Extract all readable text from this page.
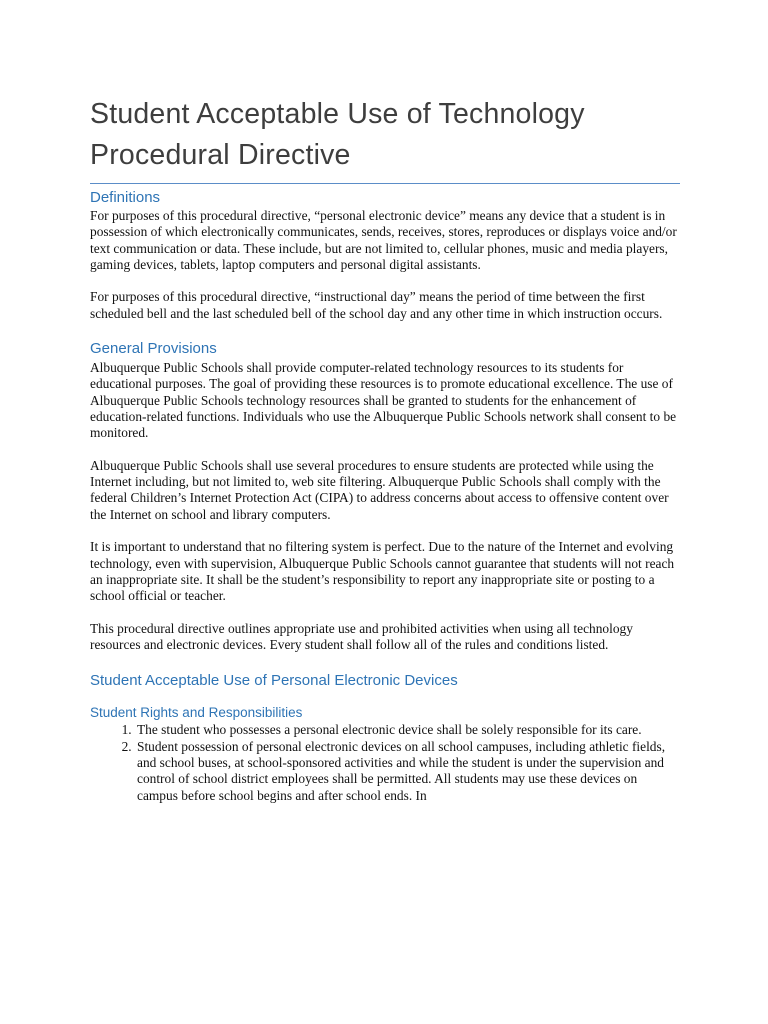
Student Acceptable Use of Technology
Procedural Directive
Definitions

For purposes of this procedural directive, “personal electronic device” means any device that a student is in possession of which electronically communicates, sends, receives, stores, reproduces or displays voice and/or text communication or data. These include, but are not limited to, cellular phones, music and media players, gaming devices, tablets, laptop computers and personal digital assistants.

For purposes of this procedural directive, “instructional day” means the period of time between the first scheduled bell and the last scheduled bell of the school day and any other time in which instruction occurs.

General Provisions

Albuquerque Public Schools shall provide computer-related technology resources to its students for educational purposes. The goal of providing these resources is to promote educational excellence. The use of Albuquerque Public Schools technology resources shall be granted to students for the enhancement of education-related functions. Individuals who use the Albuquerque Public Schools network shall consent to be monitored.

Albuquerque Public Schools shall use several procedures to ensure students are protected while using the Internet including, but not limited to, web site filtering. Albuquerque Public Schools shall comply with the federal Children’s Internet Protection Act (CIPA) to address concerns about access to offensive content over the Internet on school and library computers.

It is important to understand that no filtering system is perfect. Due to the nature of the Internet and evolving technology, even with supervision, Albuquerque Public Schools cannot guarantee that students will not reach an inappropriate site. It shall be the student’s responsibility to report any inappropriate site or posting to a school official or teacher.

This procedural directive outlines appropriate use and prohibited activities when using all technology resources and electronic devices. Every student shall follow all of the rules and conditions listed.

Student Acceptable Use of Personal Electronic Devices
Student Rights and Responsibilities
1. The student who possesses a personal electronic device shall be solely responsible for its care.
2. Student possession of personal electronic devices on all school campuses, including athletic fields, and school buses, at school-sponsored activities and while the student is under the supervision and control of school district employees shall be permitted. All students may use these devices on campus before school begins and after school ends. In
